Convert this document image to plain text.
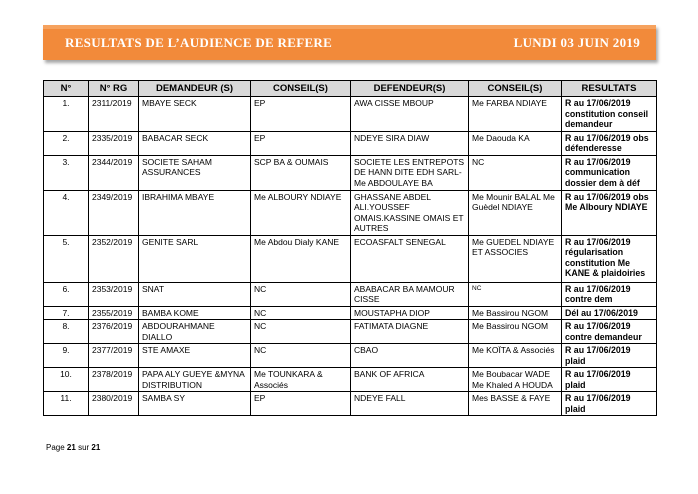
RESULTATS DE L’AUDIENCE DE REFERE	LUNDI 03 JUIN 2019
N°	N° RG	DEMANDEUR (S)	CONSEIL(S)	DEFENDEUR(S)	CONSEIL(S)	RESULTATS
1.	2311/2019	MBAYE SECK	EP	AWA CISSE MBOUP	Me FARBA NDIAYE	R au 17/06/2019 constitution conseil demandeur
2.	2335/2019	BABACAR SECK	EP	NDEYE SIRA DIAW	Me Daouda KA	R au 17/06/2019 obs défenderesse
3.	2344/2019	SOCIETE SAHAM ASSURANCES	SCP BA & OUMAIS	SOCIETE LES ENTREPOTS DE HANN DITE EDH SARL-Me ABDOULAYE BA	NC	R au 17/06/2019 communication dossier dem à déf
4.	2349/2019	IBRAHIMA MBAYE	Me ALBOURY NDIAYE	GHASSANE ABDEL ALI.YOUSSEF OMAIS.KASSINE OMAIS ET AUTRES	Me Mounir BALAL Me Guèdel NDIAYE	R au 17/06/2019 obs Me Alboury NDIAYE
5.	2352/2019	GENITE SARL	Me Abdou Dialy KANE	ECOASFALT SENEGAL	Me GUEDEL NDIAYE ET ASSOCIES	R au 17/06/2019 régularisation constitution Me KANE & plaidoiries
6.	2353/2019	SNAT	NC	ABABACAR BA MAMOUR CISSE	NC	R au 17/06/2019 contre dem
7.	2355/2019	BAMBA KOME	NC	MOUSTAPHA DIOP	Me Bassirou NGOM	Dél au 17/06/2019
8.	2376/2019	ABDOURAHMANE DIALLO	NC	FATIMATA DIAGNE	Me Bassirou NGOM	R au 17/06/2019 contre demandeur
9.	2377/2019	STE AMAXE	NC	CBAO	Me KOÏTA & Associés	R au 17/06/2019 plaid
10.	2378/2019	PAPA ALY GUEYE &MYNA DISTRIBUTION	Me TOUNKARA & Associés	BANK OF AFRICA	Me Boubacar WADE Me Khaled A HOUDA	R au 17/06/2019 plaid
11.	2380/2019	SAMBA SY	EP	NDEYE FALL	Mes BASSE & FAYE	R au 17/06/2019 plaid
Page 21 sur 21
